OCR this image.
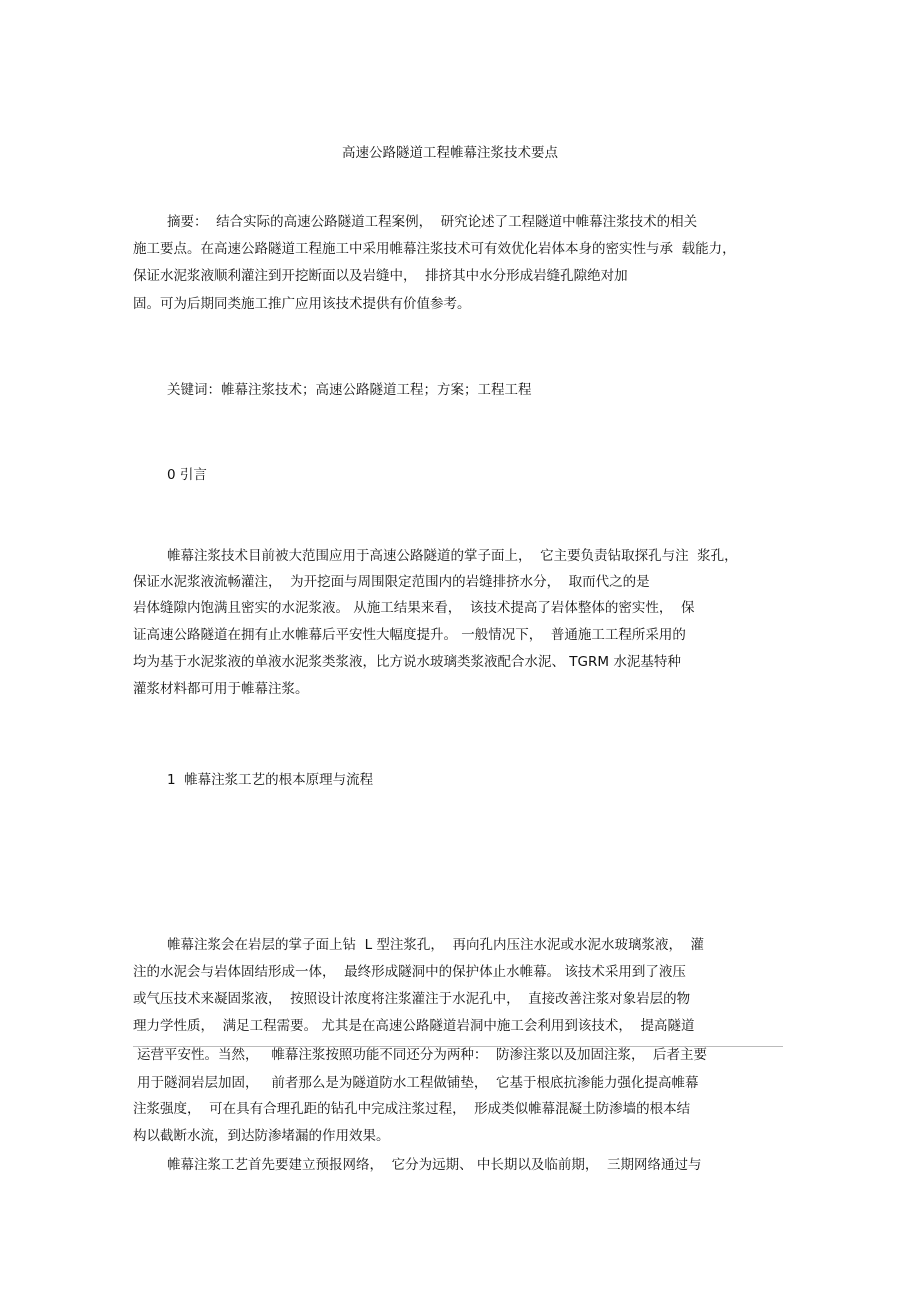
高速公路隧道工程帷幕注浆技术要点
摘要：  结合实际的高速公路隧道工程案例，  研究论述了工程隧道中帷幕注浆技术的相关
施工要点。在高速公路隧道工程施工中采用帷幕注浆技术可有效优化岩体本身的密实性与承  载能力，
保证水泥浆液顺利灌注到开挖断面以及岩缝中，  排挤其中水分形成岩缝孔隙绝对加
固。可为后期同类施工推广应用该技术提供有价值参考。
关键词：帷幕注浆技术；高速公路隧道工程；方案；工程工程
0 引言
帷幕注浆技术目前被大范围应用于高速公路隧道的掌子面上，  它主要负责钻取探孔与注  浆孔，
保证水泥浆液流畅灌注，  为开挖面与周围限定范围内的岩缝排挤水分，  取而代之的是
岩体缝隙内饱满且密实的水泥浆液。 从施工结果来看，  该技术提高了岩体整体的密实性，  保
证高速公路隧道在拥有止水帷幕后平安性大幅度提升。 一般情况下，  普通施工工程所采用的
均为基于水泥浆液的单液水泥浆类浆液，比方说水玻璃类浆液配合水泥、 TGRM 水泥基特种
灌浆材料都可用于帷幕注浆。
1  帷幕注浆工艺的根本原理与流程
帷幕注浆会在岩层的掌子面上钻  L 型注浆孔，  再向孔内压注水泥或水泥水玻璃浆液，  灌
注的水泥会与岩体固结形成一体，  最终形成隧洞中的保护体止水帷幕。 该技术采用到了液压
或气压技术来凝固浆液，  按照设计浓度将注浆灌注于水泥孔中，  直接改善注浆对象岩层的物
理力学性质，  满足工程需要。 尤其是在高速公路隧道岩洞中施工会利用到该技术，  提高隧道
运营平安性。当然，   帷幕注浆按照功能不同还分为两种：  防渗注浆以及加固注浆，  后者主要
用于隧洞岩层加固，   前者那么是为隧道防水工程做铺垫，  它基于根底抗渗能力强化提高帷幕
注浆强度，  可在具有合理孔距的钻孔中完成注浆过程，  形成类似帷幕混凝土防渗墙的根本结
构以截断水流，到达防渗堵漏的作用效果。
帷幕注浆工艺首先要建立预报网络，  它分为远期、 中长期以及临前期，  三期网络通过与
